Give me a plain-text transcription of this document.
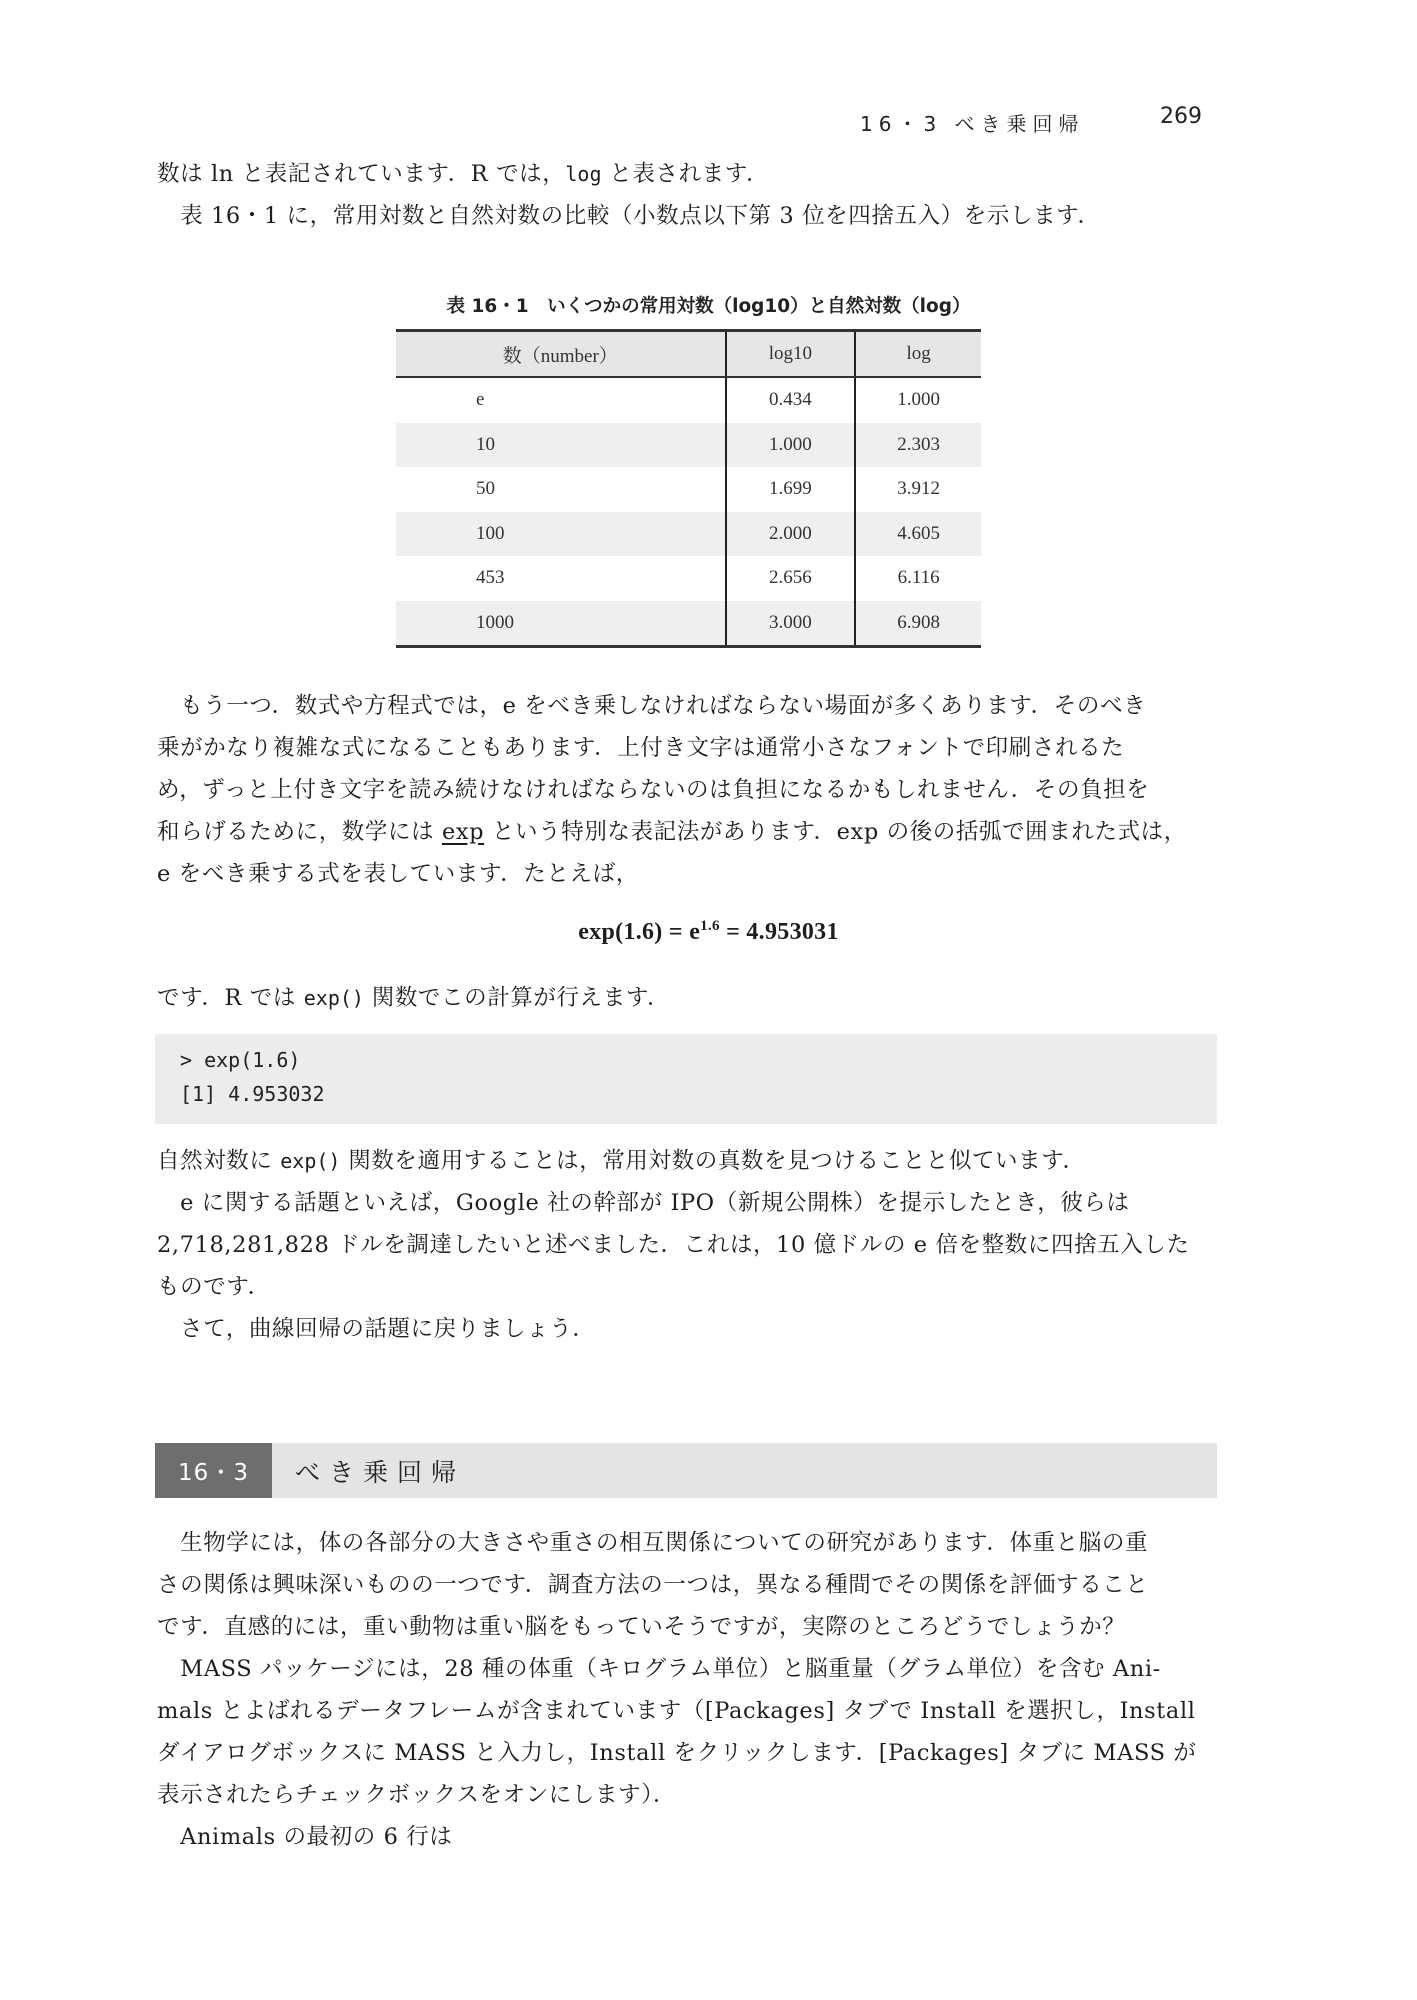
16・3 べき乗回帰	269
数は ln と表記されています．R では，log と表されます．
　表 16・1 に，常用対数と自然対数の比較（小数点以下第 3 位を四捨五入）を示します．
表 16・1　いくつかの常用対数（log10）と自然対数（log）
数（number）	log10	log
e	0.434	1.000
10	1.000	2.303
50	1.699	3.912
100	2.000	4.605
453	2.656	6.116
1000	3.000	6.908
　もう一つ．数式や方程式では，e をべき乗しなければならない場面が多くあります．そのべき
乗がかなり複雑な式になることもあります．上付き文字は通常小さなフォントで印刷されるた
め，ずっと上付き文字を読み続けなければならないのは負担になるかもしれません．その負担を
和らげるために，数学には exp という特別な表記法があります．exp の後の括弧で囲まれた式は，
e をべき乗する式を表しています．たとえば，
$\exp(1.6) = e^{1.6} = 4.953031$
です．R では exp() 関数でこの計算が行えます．
> exp(1.6)
[1] 4.953032
自然対数に exp() 関数を適用することは，常用対数の真数を見つけることと似ています．
　e に関する話題といえば，Google 社の幹部が IPO（新規公開株）を提示したとき，彼らは
2,718,281,828 ドルを調達したいと述べました．これは，10 億ドルの e 倍を整数に四捨五入した
ものです．
　さて，曲線回帰の話題に戻りましょう．
16・3	べき乗回帰
　生物学には，体の各部分の大きさや重さの相互関係についての研究があります．体重と脳の重
さの関係は興味深いものの一つです．調査方法の一つは，異なる種間でその関係を評価すること
です．直感的には，重い動物は重い脳をもっていそうですが，実際のところどうでしょうか？
　MASS パッケージには，28 種の体重（キログラム単位）と脳重量（グラム単位）を含む Ani-
mals とよばれるデータフレームが含まれています（[Packages] タブで Install を選択し，Install
ダイアログボックスに MASS と入力し，Install をクリックします．[Packages] タブに MASS が
表示されたらチェックボックスをオンにします）．
　Animals の最初の 6 行は
